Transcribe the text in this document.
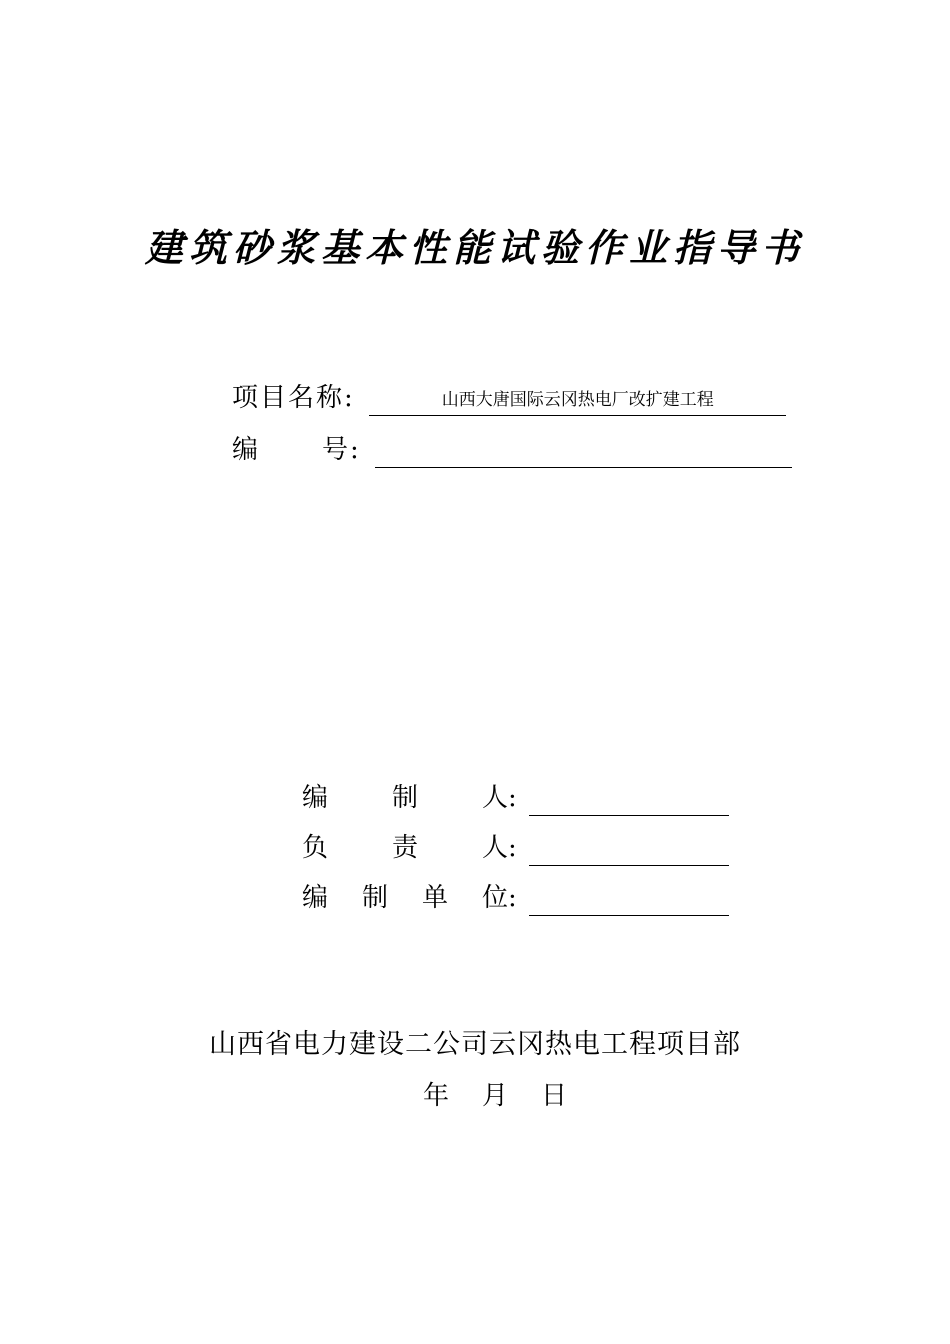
建筑砂浆基本性能试验作业指导书
项目名称 :	山西大唐国际云冈热电厂改扩建工程
编 号 :
编制人 :
负责人 :
编制单位 :
山西省电力建设二公司云冈热电工程项目部
年    月    日
